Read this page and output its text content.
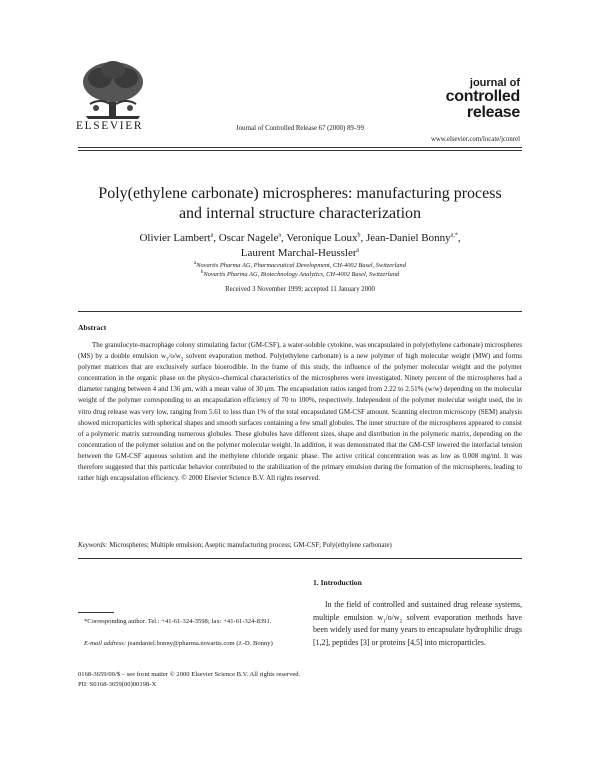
ELSEVIER	Journal of Controlled Release 67 (2000) 89–99
journal of
controlled
release
www.elsevier.com/locate/jconrel
Poly(ethylene carbonate) microspheres: manufacturing process
and internal structure characterization
Olivier Lambert$^a$, Oscar Nagele$^a$, Veronique Loux$^b$, Jean-Daniel Bonny$^{a,*}$,
Laurent Marchal-Heussler$^a$
$^a$Novartis Pharma AG, Pharmaceutical Development, CH-4002 Basel, Switzerland
$^b$Novartis Pharma AG, Biotechnology Analytics, CH-4002 Basel, Switzerland
Received 3 November 1999; accepted 11 January 2000
Abstract
The granulocyte-macrophage colony stimulating factor (GM-CSF), a water-soluble cytokine, was encapsulated in poly(ethylene carbonate) microspheres (MS) by a double emulsion $w_1/o/w_2$ solvent evaporation method. Poly(ethylene carbonate) is a new polymer of high molecular weight (MW) and forms polymer matrices that are exclusively surface bioerodible. In the frame of this study, the influence of the polymer molecular weight and the polymer concentration in the organic phase on the physico–chemical characteristics of the microspheres were investigated. Ninety percent of the microspheres had a diameter ranging between 4 and 136 μm, with a mean value of 30 μm. The encapsulation ratios ranged from 2.22 to 2.51% (w/w) depending on the molecular weight of the polymer corresponding to an encapsulation efficiency of 70 to 100%, respectively. Independent of the polymer molecular weight used, the in vitro drug release was very low, ranging from 5.61 to less than 1% of the total encapsulated GM-CSF amount. Scanning electron microscopy (SEM) analysis showed microparticles with spherical shapes and smooth surfaces containing a few small globules. The inner structure of the microspheres appeared to consist of a polymeric matrix surrounding numerous globules. These globules have different sizes, shape and distribution in the polymeric matrix, depending on the concentration of the polymer solution and on the polymer molecular weight. In addition, it was demonstrated that the GM-CSF lowered the interfacial tension between the GM-CSF aqueous solution and the methylene chloride organic phase. The active critical concentration was as low as 0.008 mg/ml. It was therefore suggested that this particular behavior contributed to the stabilization of the primary emulsion during the formation of the microspheres, leading to rather high encapsulation efficiency. © 2000 Elsevier Science B.V. All rights reserved.
Keywords: Microspheres; Multiple emulsion; Aseptic manufacturing process; GM-CSF; Poly(ethylene carbonate)
1. Introduction
In the field of controlled and sustained drug release systems, multiple emulsion $w_1/o/w_2$ solvent evaporation methods have been widely used for many years to encapsulate hydrophilic drugs [1,2], peptides [3] or proteins [4,5] into microparticles.
*Corresponding author. Tel.: +41-61-324-3598; fax: +41-61-324-8391.
E-mail address: jeandaniel.bonny@pharma.novartis.com (J.-D. Bonny)
0168-3659/00/$ – see front matter © 2000 Elsevier Science B.V. All rights reserved.
PII: S0168-3659(00)00198-X
